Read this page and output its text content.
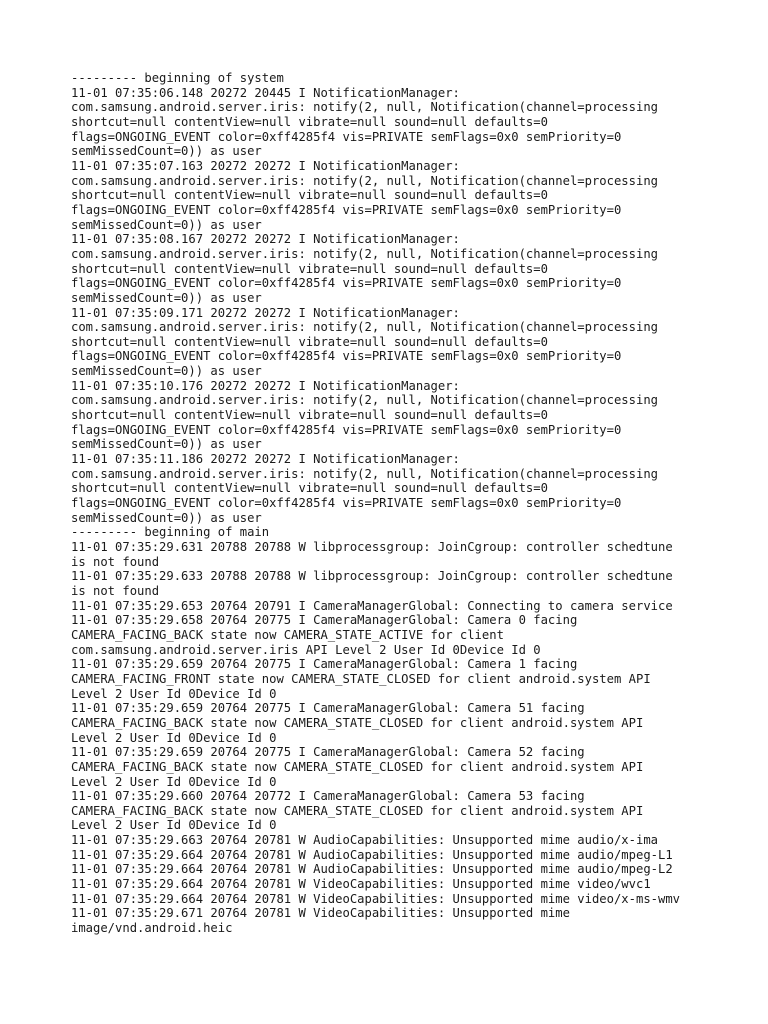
--------- beginning of system
11-01 07:35:06.148 20272 20445 I NotificationManager:
com.samsung.android.server.iris: notify(2, null, Notification(channel=processing
shortcut=null contentView=null vibrate=null sound=null defaults=0
flags=ONGOING_EVENT color=0xff4285f4 vis=PRIVATE semFlags=0x0 semPriority=0
semMissedCount=0)) as user
11-01 07:35:07.163 20272 20272 I NotificationManager:
com.samsung.android.server.iris: notify(2, null, Notification(channel=processing
shortcut=null contentView=null vibrate=null sound=null defaults=0
flags=ONGOING_EVENT color=0xff4285f4 vis=PRIVATE semFlags=0x0 semPriority=0
semMissedCount=0)) as user
11-01 07:35:08.167 20272 20272 I NotificationManager:
com.samsung.android.server.iris: notify(2, null, Notification(channel=processing
shortcut=null contentView=null vibrate=null sound=null defaults=0
flags=ONGOING_EVENT color=0xff4285f4 vis=PRIVATE semFlags=0x0 semPriority=0
semMissedCount=0)) as user
11-01 07:35:09.171 20272 20272 I NotificationManager:
com.samsung.android.server.iris: notify(2, null, Notification(channel=processing
shortcut=null contentView=null vibrate=null sound=null defaults=0
flags=ONGOING_EVENT color=0xff4285f4 vis=PRIVATE semFlags=0x0 semPriority=0
semMissedCount=0)) as user
11-01 07:35:10.176 20272 20272 I NotificationManager:
com.samsung.android.server.iris: notify(2, null, Notification(channel=processing
shortcut=null contentView=null vibrate=null sound=null defaults=0
flags=ONGOING_EVENT color=0xff4285f4 vis=PRIVATE semFlags=0x0 semPriority=0
semMissedCount=0)) as user
11-01 07:35:11.186 20272 20272 I NotificationManager:
com.samsung.android.server.iris: notify(2, null, Notification(channel=processing
shortcut=null contentView=null vibrate=null sound=null defaults=0
flags=ONGOING_EVENT color=0xff4285f4 vis=PRIVATE semFlags=0x0 semPriority=0
semMissedCount=0)) as user
--------- beginning of main
11-01 07:35:29.631 20788 20788 W libprocessgroup: JoinCgroup: controller schedtune
is not found
11-01 07:35:29.633 20788 20788 W libprocessgroup: JoinCgroup: controller schedtune
is not found
11-01 07:35:29.653 20764 20791 I CameraManagerGlobal: Connecting to camera service
11-01 07:35:29.658 20764 20775 I CameraManagerGlobal: Camera 0 facing
CAMERA_FACING_BACK state now CAMERA_STATE_ACTIVE for client
com.samsung.android.server.iris API Level 2 User Id 0Device Id 0
11-01 07:35:29.659 20764 20775 I CameraManagerGlobal: Camera 1 facing
CAMERA_FACING_FRONT state now CAMERA_STATE_CLOSED for client android.system API
Level 2 User Id 0Device Id 0
11-01 07:35:29.659 20764 20775 I CameraManagerGlobal: Camera 51 facing
CAMERA_FACING_BACK state now CAMERA_STATE_CLOSED for client android.system API
Level 2 User Id 0Device Id 0
11-01 07:35:29.659 20764 20775 I CameraManagerGlobal: Camera 52 facing
CAMERA_FACING_BACK state now CAMERA_STATE_CLOSED for client android.system API
Level 2 User Id 0Device Id 0
11-01 07:35:29.660 20764 20772 I CameraManagerGlobal: Camera 53 facing
CAMERA_FACING_BACK state now CAMERA_STATE_CLOSED for client android.system API
Level 2 User Id 0Device Id 0
11-01 07:35:29.663 20764 20781 W AudioCapabilities: Unsupported mime audio/x-ima
11-01 07:35:29.664 20764 20781 W AudioCapabilities: Unsupported mime audio/mpeg-L1
11-01 07:35:29.664 20764 20781 W AudioCapabilities: Unsupported mime audio/mpeg-L2
11-01 07:35:29.664 20764 20781 W VideoCapabilities: Unsupported mime video/wvc1
11-01 07:35:29.664 20764 20781 W VideoCapabilities: Unsupported mime video/x-ms-wmv
11-01 07:35:29.671 20764 20781 W VideoCapabilities: Unsupported mime
image/vnd.android.heic
